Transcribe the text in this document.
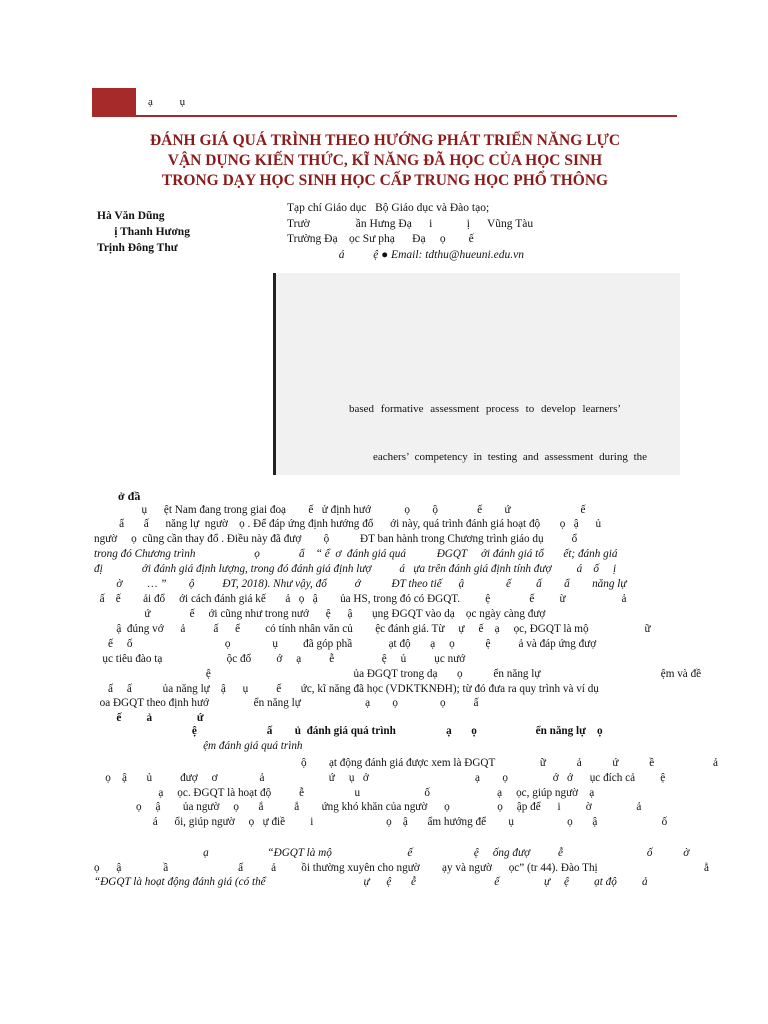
ạ ụ
ĐÁNH GIÁ QUÁ TRÌNH THEO HƯỚNG PHÁT TRIỂN NĂNG LỰC
VẬN DỤNG KIẾN THỨC, KĨ NĂNG ĐÃ HỌC CỦA HỌC SINH
TRONG DẠY HỌC SINH HỌC CẤP TRUNG HỌC PHỔ THÔNG
Hà Văn Dũng
ị Thanh Hương
Trịnh Đông Thư
Tạp chí Giáo dục   Bộ Giáo dục và Đào tạo;
Trườ                ần Hưng Đạ      i            ị      Vũng Tàu
Trường Đạ    ọc Sư phạ      Đạ     ọ        ế
á          ệ ● Email: tdthu@hueuni.edu.vn
based formative assessment process to develop learners’
eachers’ competency in testing and assessment during the
ở đầ
ụ      ệt Nam đang trong giai đoạ        ế   ử định hướ            ọ        ộ              ế        ứ                         ế
ẩ       ấ      năng lự  ngườ    ọ . Để đáp ứng định hướng đổ      ới này, quá trình đánh giá hoạt độ       ọ   ậ      ủ
ngườ     ọ  cũng cần thay đổ . Điều này đã đượ        ộ           ĐT ban hành trong Chương trình giáo dụ          ổ
trong đó Chương trình                     ọ              ẩ    “ ể  ơ  đánh giá quá           ĐGQT     ới đánh giá tổ       ết; đánh giá
đị              ới đánh giá định lượng, trong đó đánh giá định lượ          á   ựa trên đánh giá định tính đượ         á    ố     ị
ờ         … ”        ộ          ĐT, 2018). Như vậy, đổ          ớ           ĐT theo tiế      ậ               ế         ấ        ẩ        năng lự
ấ    ế        ải đổ     ới cách đánh giá kế       ả   ọ   ậ        ủa HS, trong đó có ĐGQT.         ệ              ế         ừ                    ả
ứ              ế     ới cũng như trong nướ      ệ      ậ       ụng ĐGQT vào dạ    ọc ngày càng đượ
ậ  đúng vớ      ả          ấ      ế         có tính nhân văn củ        ệc đánh giá. Từ     ự     ế    ạ     ọc, ĐGQT là mộ                    ữ
ế     ố                                 ọ               ụ         đã góp phầ             ạt độ       ạ     ọ           ệ          ả và đáp ứng đượ
ục tiêu đào tạ                       ộc đổ         ớ     ạ          ễ                 ệ     ủ          ục nướ
ệ                                                   ủa ĐGQT trong dạ       ọ           ển năng lự                                           ệm và đề
ấ     ấ           ủa năng lự    ậ      ụ          ế       ức, kĩ năng đã học (VDKTKNĐH); từ đó đưa ra quy trình và ví dụ
oa ĐGQT theo định hướ                ển năng lự                       ạ        ọ               ọ          ấ
ế         ả                ứ
ệ                         ấ        ủ  đánh giá quá trình                  ạ       ọ                     ển năng lự    ọ
ệm đánh giá quá trình
ộ        ạt động đánh giá được xem là ĐGQT                ữ           ả           ứ           ề                     ả
ọ    ậ       ủ          đượ     ơ               ả                       ứ     ụ   ở                                      ạ        ọ                ớ   ớ      ục đích cả         ệ
ạ     ọc. ĐGQT là hoạt độ          ễ                  u                       ố                        ạ     ọc, giúp ngườ    ạ
ọ     ậ        ủa ngườ     ọ       ắ           ắ        ứng khó khăn của ngườ      ọ                 ọ     ập để      i         ờ                ả
á      ổi, giúp ngườ     ọ   ự điề         i                          ọ    ậ       ẩm hướng để        ụ                   ọ       ậ                       ố
ạ                     “ĐGQT là mộ                           ế                      ệ     ống đượ          ễ                              ố           ờ
ọ      ậ               ầ                         ấ          ả         ồi thường xuyên cho ngườ        ạy và ngườ      ọc” (tr 44). Đào Thị                                      ằ
“ĐGQT là hoạt động đánh giá (có thể                                   ự      ệ       ễ                            ế                ự     ệ         ạt độ         ả
